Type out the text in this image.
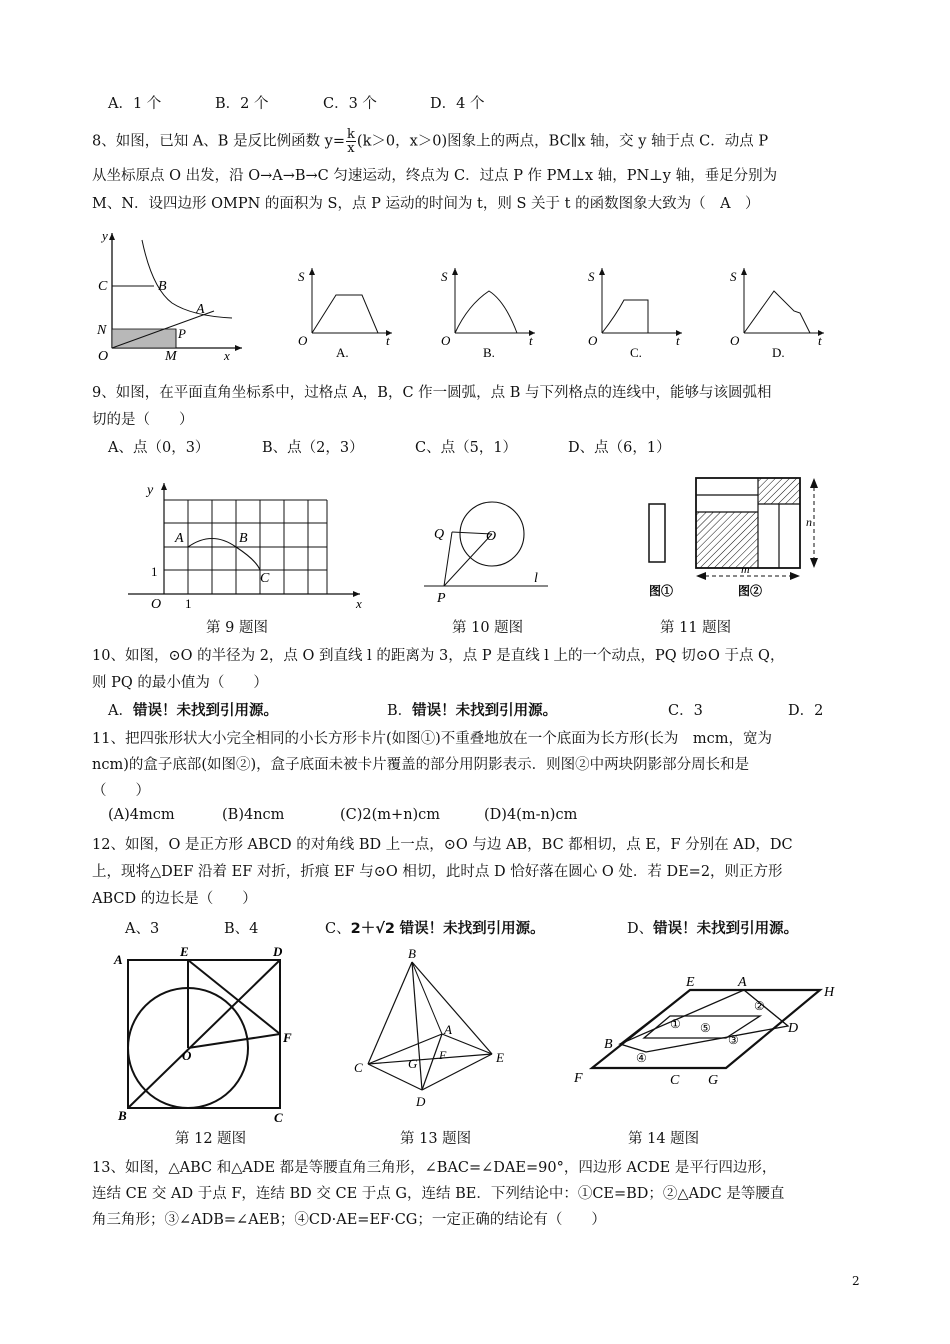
A．1 个	B．2 个	C．3 个	D．4 个
8、如图，已知 A、B 是反比例函数 $y= \frac{k}{x} (k>0$，x＞0)图象上的两点，BC∥x 轴，交 y 轴于点 C．动点 P
从坐标原点 O 出发，沿 O→A→B→C 匀速运动，终点为 C．过点 P 作 PM⊥x 轴，PN⊥y 轴，垂足分别为
M、N．设四边形 OMPN 的面积为 S，点 P 运动的时间为 t，则 S 关于 t 的函数图象大致为（　A　）
y
C	B
A
N	P
O	M	x
S
O	t
A.
S
O	t
B.
S
O	t
C.
S
O	t
D.
9、如图，在平面直角坐标系中，过格点 A，B，C 作一圆弧，点 B 与下列格点的连线中，能够与该圆弧相
切的是（　　）
A、点（0，3）	B、点（2，3）	C、点（5，1）	D、点（6，1）
y
A	B
C
1
O 1	x
第 9 题图
Q	O
l
P
第 10 题图
n
m
图①	图②
第 11 题图
10、如图，⊙O 的半径为 2，点 O 到直线 l 的距离为 3，点 P 是直线 l 上的一个动点，PQ 切⊙O 于点 Q，
则 PQ 的最小值为（　　）
A．错误！未找到引用源。	B．错误！未找到引用源。	C．3	D．2
11、把四张形状大小完全相同的小长方形卡片(如图①)不重叠地放在一个底面为长方形(长为　mcm，宽为
ncm)的盒子底部(如图②)，盒子底面未被卡片覆盖的部分用阴影表示．则图②中两块阴影部分周长和是
（　　）
(A)4mcm	(B)4ncm	(C)2(m+n)cm	(D)4(m-n)cm
12、如图，O 是正方形 ABCD 的对角线 BD 上一点，⊙O 与边 AB，BC 都相切，点 E，F 分别在 AD，DC
上，现将△DEF 沿着 EF 对折，折痕 EF 与⊙O 相切，此时点 D 恰好落在圆心 O 处．若 DE=2，则正方形
ABCD 的边长是（　　）
A、3	B、4	C、2＋√2 错误！未找到引用源。	D、错误！未找到引用源。
A
E	D
O
F
B	C
第 12 题图
B
A
F
C	G	E
D
第 13 题图
E	A
H
D
B
F	C G
①
②
③
④
⑤
第 14 题图
13、如图，△ABC 和△ADE 都是等腰直角三角形，∠BAC=∠DAE=90°，四边形 ACDE 是平行四边形，
连结 CE 交 AD 于点 F，连结 BD 交 CE 于点 G，连结 BE．下列结论中：①CE=BD；②△ADC 是等腰直
角三角形；③∠ADB=∠AEB；④CD·AE=EF·CG；一定正确的结论有（　　）
2
